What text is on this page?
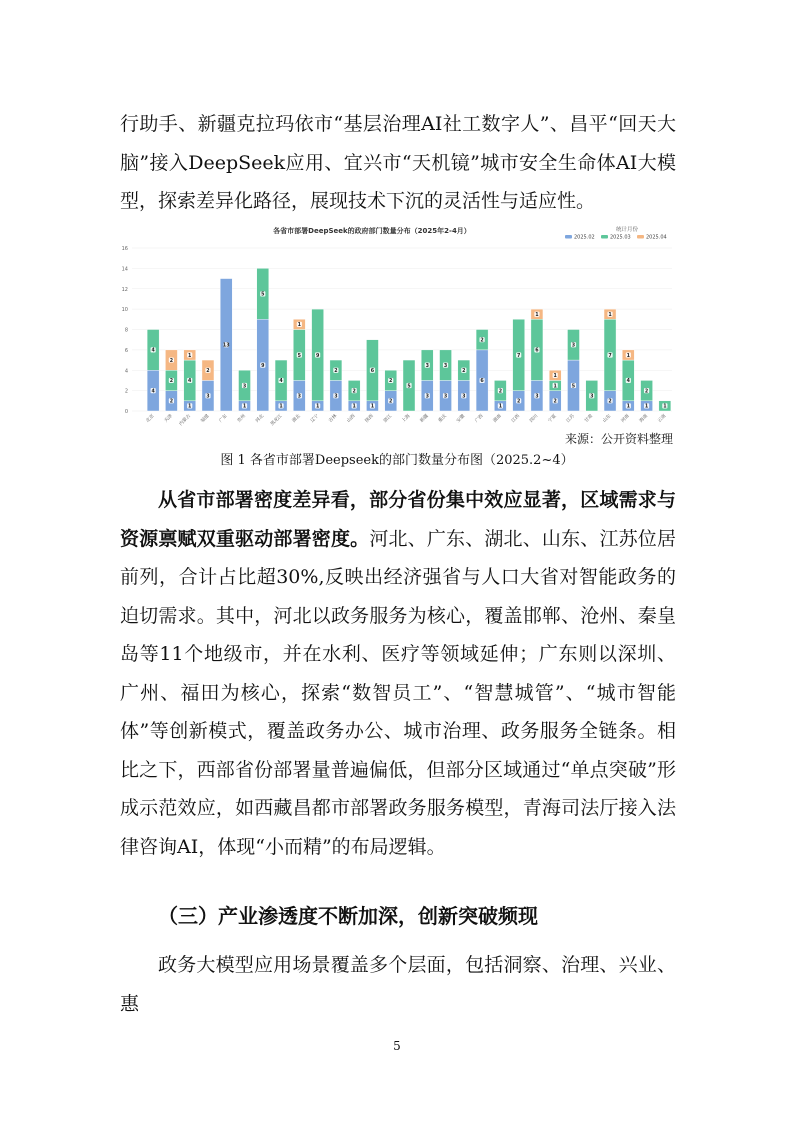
行助手、新疆克拉玛依市“基层治理AI社工数字人”、昌平“回天大脑”接入DeepSeek应用、宜兴市“天机镜”城市安全生命体AI大模型，探索差异化路径，展现技术下沉的灵活性与适应性。

各省市部署DeepSeek的政府部门数量分布（2025年2-4月）	统计月份
0
2
4
6
8
10
12
14
16
4
4
2
2
2
1
4
1
3
2
13
1
3
9
5
1
4
3
5
1
1
9
3
2
1
2
1
6
2
2
5
3
3
3
3
3
2
6
2
1
2
2
7
3
6
1
2
1
1
5
3
3
2
7
1
1
4
1
1
2
1
北京	天津	内蒙古	福建	广东	贵州	河北	黑龙江	湖北	辽宁	吉林	山西	陕西	浙江	上海	新疆	重庆	安徽	广西	湖南	江西	四川	宁夏	江苏	甘肃	山东	河南	海南	云南
2025.02	2025.03	2025.04

来源：公开资料整理

图 1 各省市部署Deepseek的部门数量分布图（2025.2~4）

从省市部署密度差异看，部分省份集中效应显著，区域需求与资源禀赋双重驱动部署密度。河北、广东、湖北、山东、江苏位居前列，合计占比超30%,反映出经济强省与人口大省对智能政务的迫切需求。其中，河北以政务服务为核心，覆盖邯郸、沧州、秦皇岛等11个地级市，并在水利、医疗等领域延伸；广东则以深圳、广州、福田为核心，探索“数智员工”、“智慧城管”、“城市智能体”等创新模式，覆盖政务办公、城市治理、政务服务全链条。相比之下，西部省份部署量普遍偏低，但部分区域通过“单点突破”形成示范效应，如西藏昌都市部署政务服务模型，青海司法厅接入法律咨询AI，体现“小而精”的布局逻辑。

（三）产业渗透度不断加深，创新突破频现

政务大模型应用场景覆盖多个层面，包括洞察、治理、兴业、惠

5
